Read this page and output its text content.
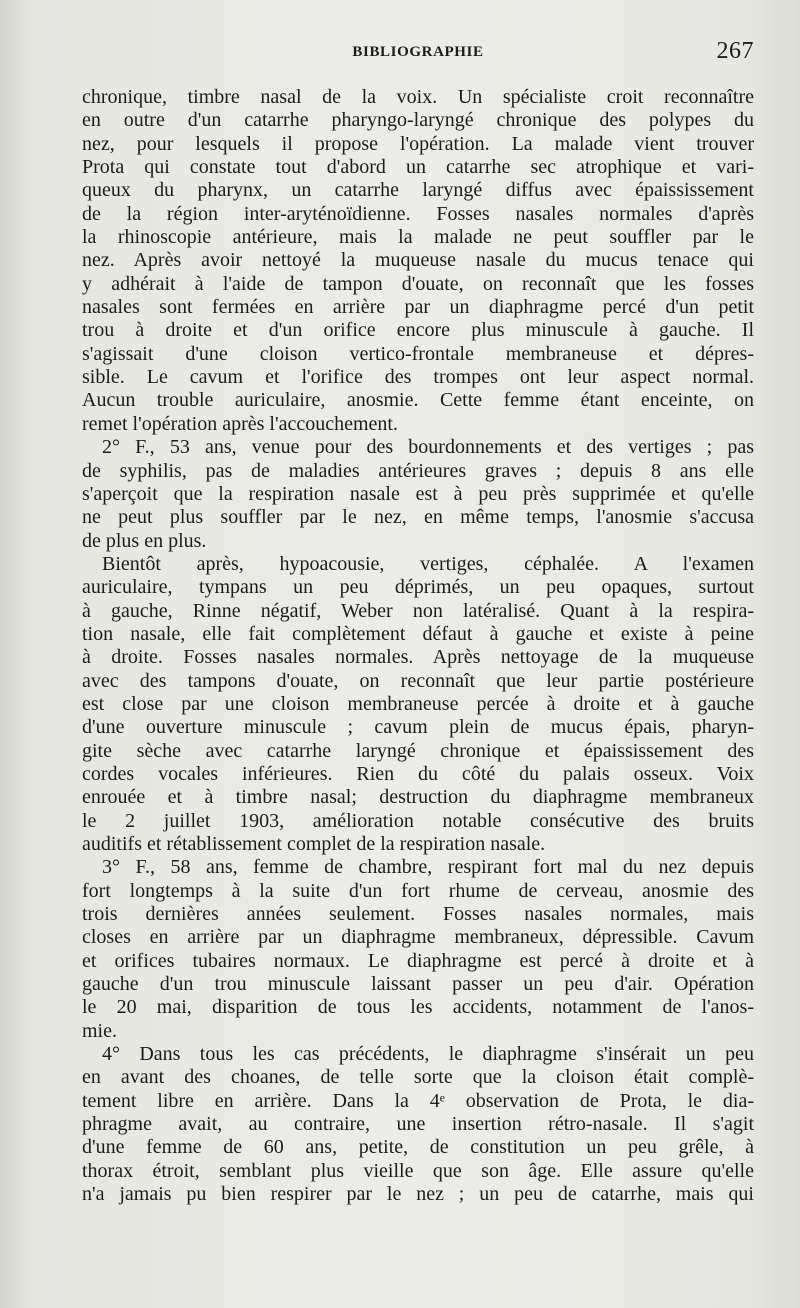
BIBLIOGRAPHIE	267
chronique, timbre nasal de la voix. Un spécialiste croit reconnaître
en outre d'un catarrhe pharyngo-laryngé chronique des polypes du
nez, pour lesquels il propose l'opération. La malade vient trouver
Prota qui constate tout d'abord un catarrhe sec atrophique et vari-
queux du pharynx, un catarrhe laryngé diffus avec épaississement
de la région inter-aryténoïdienne. Fosses nasales normales d'après
la rhinoscopie antérieure, mais la malade ne peut souffler par le
nez. Après avoir nettoyé la muqueuse nasale du mucus tenace qui
y adhérait à l'aide de tampon d'ouate, on reconnaît que les fosses
nasales sont fermées en arrière par un diaphragme percé d'un petit
trou à droite et d'un orifice encore plus minuscule à gauche. Il
s'agissait d'une cloison vertico-frontale membraneuse et dépres-
sible. Le cavum et l'orifice des trompes ont leur aspect normal.
Aucun trouble auriculaire, anosmie. Cette femme étant enceinte, on
remet l'opération après l'accouchement.
2° F., 53 ans, venue pour des bourdonnements et des vertiges ; pas
de syphilis, pas de maladies antérieures graves ; depuis 8 ans elle
s'aperçoit que la respiration nasale est à peu près supprimée et qu'elle
ne peut plus souffler par le nez, en même temps, l'anosmie s'accusa
de plus en plus.
Bientôt après, hypoacousie, vertiges, céphalée. A l'examen
auriculaire, tympans un peu déprimés, un peu opaques, surtout
à gauche, Rinne négatif, Weber non latéralisé. Quant à la respira-
tion nasale, elle fait complètement défaut à gauche et existe à peine
à droite. Fosses nasales normales. Après nettoyage de la muqueuse
avec des tampons d'ouate, on reconnaît que leur partie postérieure
est close par une cloison membraneuse percée à droite et à gauche
d'une ouverture minuscule ; cavum plein de mucus épais, pharyn-
gite sèche avec catarrhe laryngé chronique et épaississement des
cordes vocales inférieures. Rien du côté du palais osseux. Voix
enrouée et à timbre nasal; destruction du diaphragme membraneux
le 2 juillet 1903, amélioration notable consécutive des bruits
auditifs et rétablissement complet de la respiration nasale.
3° F., 58 ans, femme de chambre, respirant fort mal du nez depuis
fort longtemps à la suite d'un fort rhume de cerveau, anosmie des
trois dernières années seulement. Fosses nasales normales, mais
closes en arrière par un diaphragme membraneux, dépressible. Cavum
et orifices tubaires normaux. Le diaphragme est percé à droite et à
gauche d'un trou minuscule laissant passer un peu d'air. Opération
le 20 mai, disparition de tous les accidents, notamment de l'anos-
mie.
4° Dans tous les cas précédents, le diaphragme s'insérait un peu
en avant des choanes, de telle sorte que la cloison était complè-
tement libre en arrière. Dans la 4ᵉ observation de Prota, le dia-
phragme avait, au contraire, une insertion rétro-nasale. Il s'agit
d'une femme de 60 ans, petite, de constitution un peu grêle, à
thorax étroit, semblant plus vieille que son âge. Elle assure qu'elle
n'a jamais pu bien respirer par le nez ; un peu de catarrhe, mais qui
